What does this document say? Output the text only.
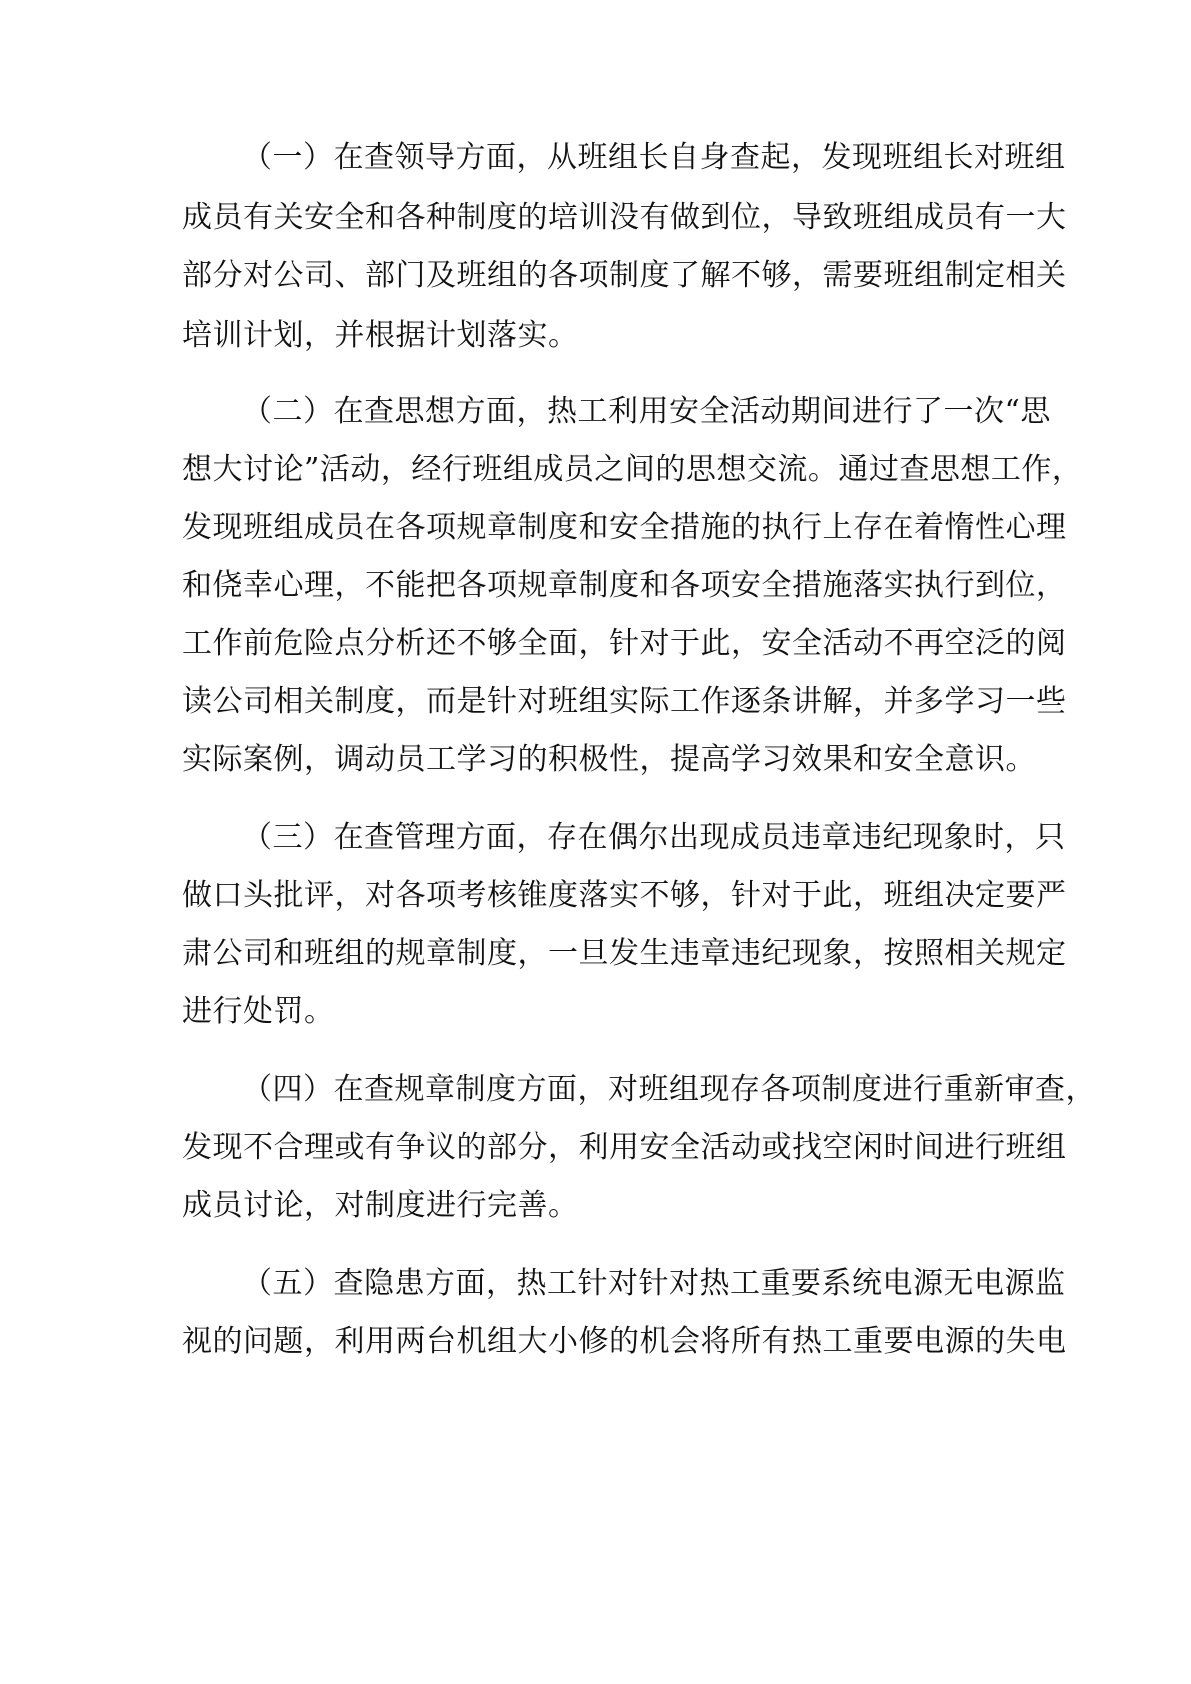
（一）在查领导方面，从班组长自身查起，发现班组长对班组
成员有关安全和各种制度的培训没有做到位，导致班组成员有一大
部分对公司、部门及班组的各项制度了解不够，需要班组制定相关
培训计划，并根据计划落实。
（二）在查思想方面，热工利用安全活动期间进行了一次“思
想大讨论”活动，经行班组成员之间的思想交流。通过查思想工作，
发现班组成员在各项规章制度和安全措施的执行上存在着惰性心理
和侥幸心理，不能把各项规章制度和各项安全措施落实执行到位，
工作前危险点分析还不够全面，针对于此，安全活动不再空泛的阅
读公司相关制度，而是针对班组实际工作逐条讲解，并多学习一些
实际案例，调动员工学习的积极性，提高学习效果和安全意识。
（三）在查管理方面，存在偶尔出现成员违章违纪现象时，只
做口头批评，对各项考核锥度落实不够，针对于此，班组决定要严
肃公司和班组的规章制度，一旦发生违章违纪现象，按照相关规定
进行处罚。
（四）在查规章制度方面，对班组现存各项制度进行重新审查，
发现不合理或有争议的部分，利用安全活动或找空闲时间进行班组
成员讨论，对制度进行完善。
（五）查隐患方面，热工针对针对热工重要系统电源无电源监
视的问题，利用两台机组大小修的机会将所有热工重要电源的失电
